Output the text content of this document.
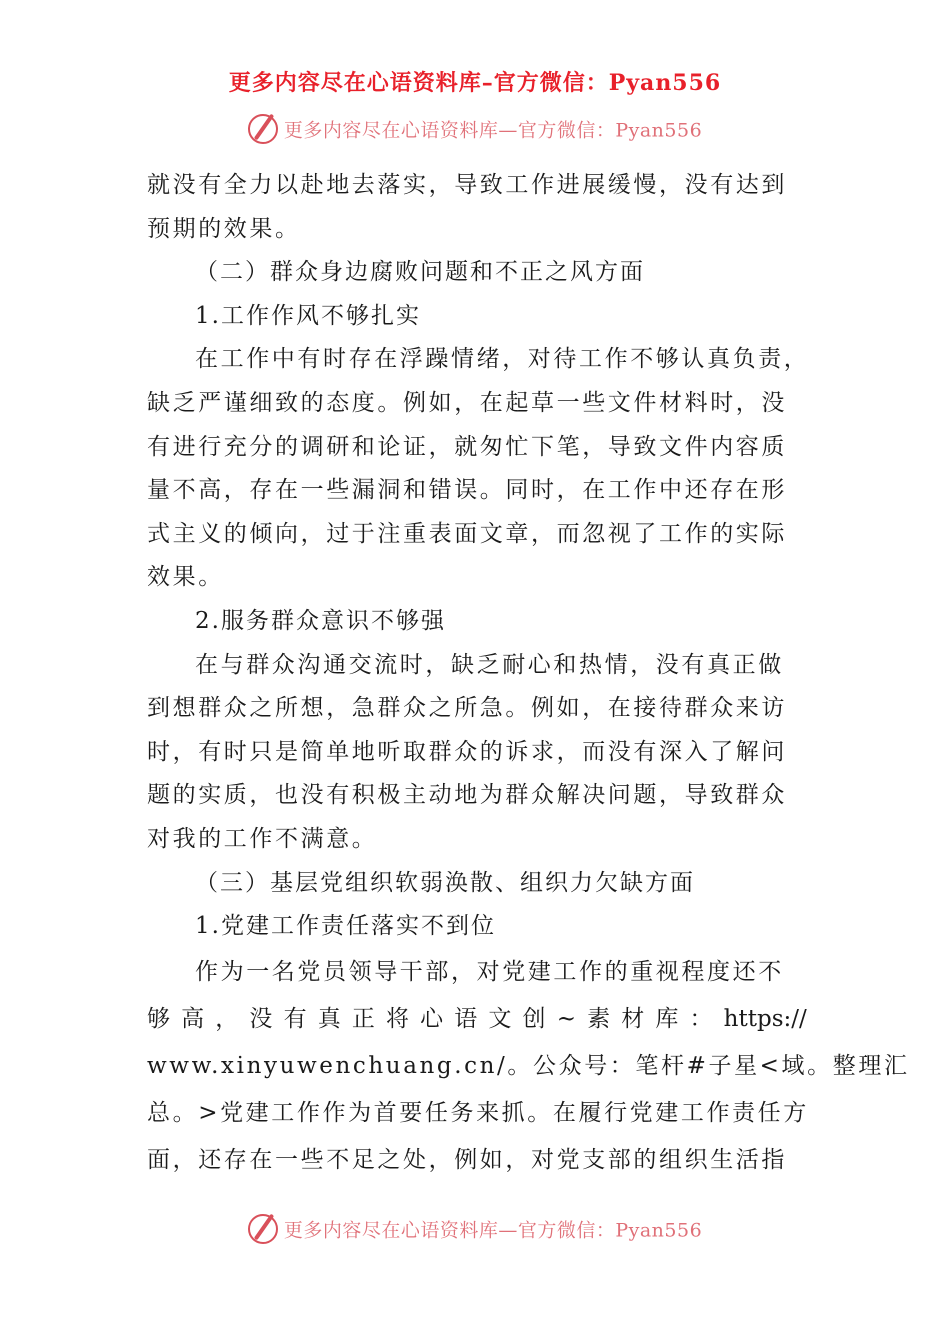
更多内容尽在心语资料库–官方微信：Pyan556
更多内容尽在心语资料库—官方微信：Pyan556
就没有全力以赴地去落实，导致工作进展缓慢，没有达到
预期的效果。
（二）群众身边腐败问题和不正之风方面
1.工作作风不够扎实
在工作中有时存在浮躁情绪，对待工作不够认真负责，
缺乏严谨细致的态度。例如，在起草一些文件材料时，没
有进行充分的调研和论证，就匆忙下笔，导致文件内容质
量不高，存在一些漏洞和错误。同时，在工作中还存在形
式主义的倾向，过于注重表面文章，而忽视了工作的实际
效果。
2.服务群众意识不够强
在与群众沟通交流时，缺乏耐心和热情，没有真正做
到想群众之所想，急群众之所急。例如，在接待群众来访
时，有时只是简单地听取群众的诉求，而没有深入了解问
题的实质，也没有积极主动地为群众解决问题，导致群众
对我的工作不满意。
（三）基层党组织软弱涣散、组织力欠缺方面
1.党建工作责任落实不到位
作为一名党员领导干部，对党建工作的重视程度还不
够 高 ， 没 有 真 正 将 心 语 文 创 ~ 素 材 库 ： https://
www.xinyuwenchuang.cn/。公众号：笔杆#子星<域。整理汇
总。>党建工作作为首要任务来抓。在履行党建工作责任方
面，还存在一些不足之处，例如，对党支部的组织生活指
更多内容尽在心语资料库—官方微信：Pyan556
